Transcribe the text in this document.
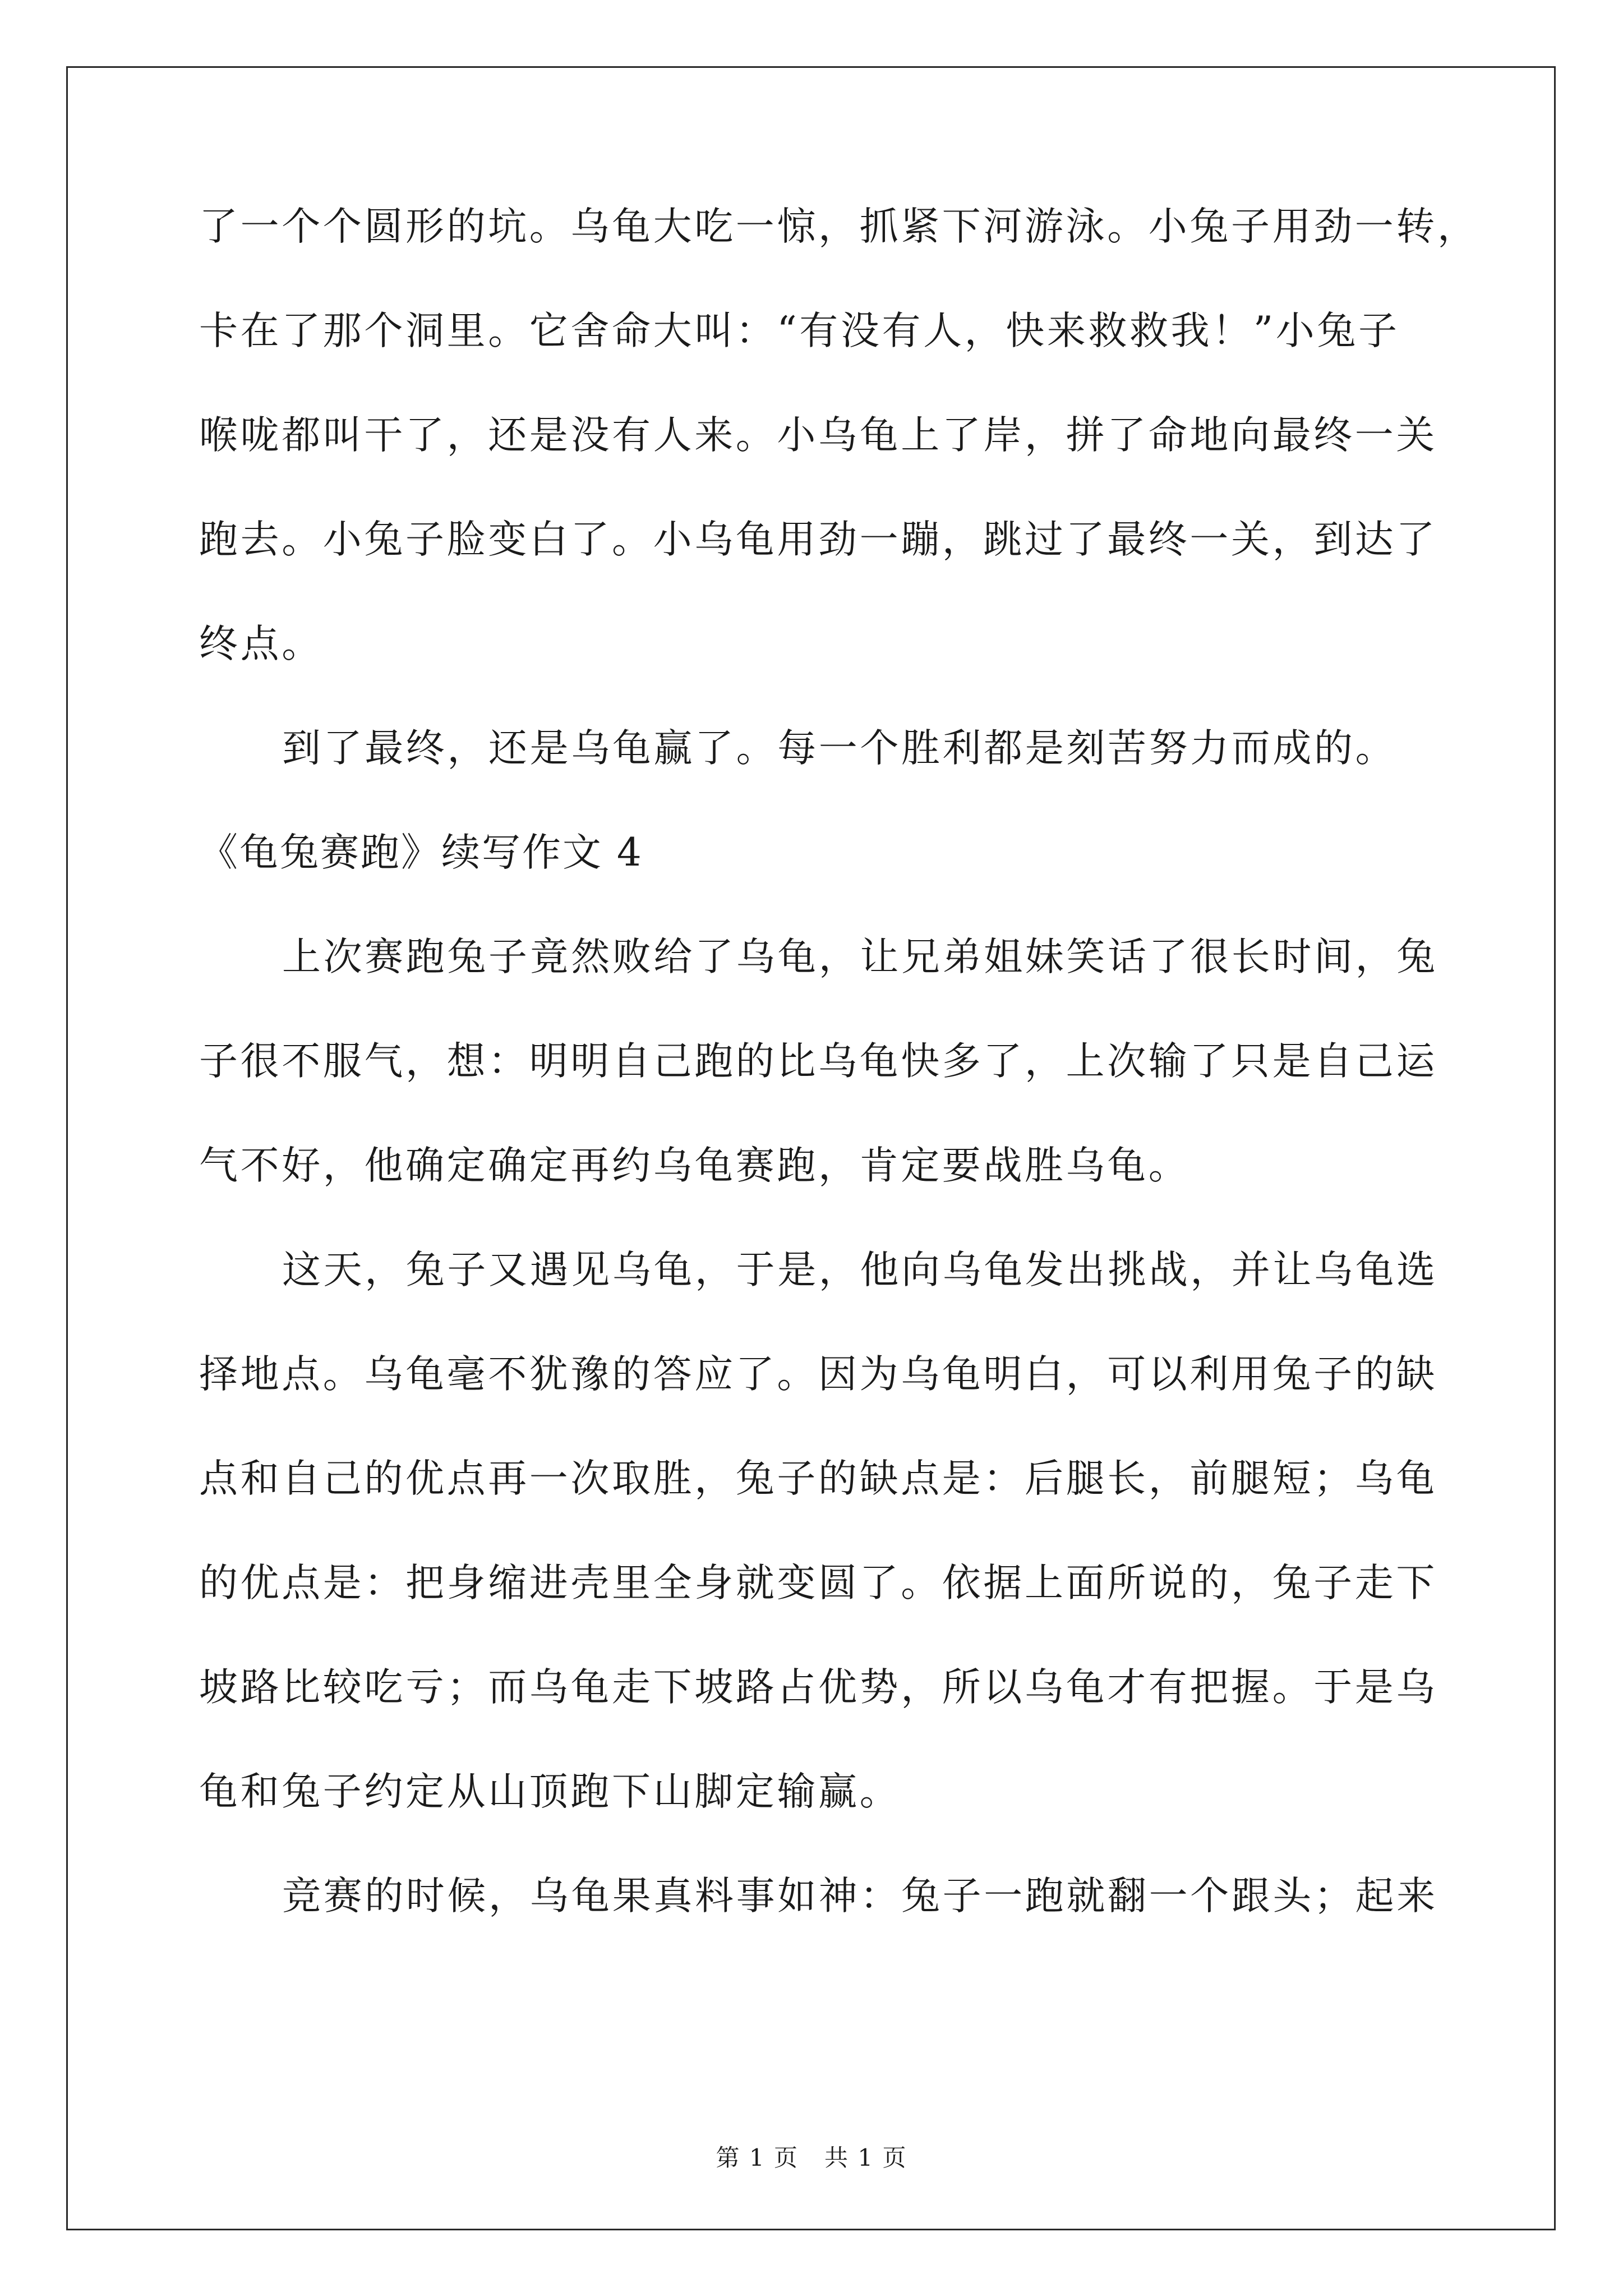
了一个个圆形的坑。乌龟大吃一惊，抓紧下河游泳。小兔子用劲一转，
卡在了那个洞里。它舍命大叫：“有没有人，快来救救我！”小兔子
喉咙都叫干了，还是没有人来。小乌龟上了岸，拼了命地向最终一关
跑去。小兔子脸变白了。小乌龟用劲一蹦，跳过了最终一关，到达了
终点。
到了最终，还是乌龟赢了。每一个胜利都是刻苦努力而成的。
《龟兔赛跑》续写作文 4
上次赛跑兔子竟然败给了乌龟，让兄弟姐妹笑话了很长时间，兔
子很不服气，想：明明自己跑的比乌龟快多了，上次输了只是自己运
气不好，他确定确定再约乌龟赛跑，肯定要战胜乌龟。
这天，兔子又遇见乌龟，于是，他向乌龟发出挑战，并让乌龟选
择地点。乌龟毫不犹豫的答应了。因为乌龟明白，可以利用兔子的缺
点和自己的优点再一次取胜，兔子的缺点是：后腿长，前腿短；乌龟
的优点是：把身缩进壳里全身就变圆了。依据上面所说的，兔子走下
坡路比较吃亏；而乌龟走下坡路占优势，所以乌龟才有把握。于是乌
龟和兔子约定从山顶跑下山脚定输赢。
竞赛的时候，乌龟果真料事如神：兔子一跑就翻一个跟头；起来
第 1 页   共 1 页
